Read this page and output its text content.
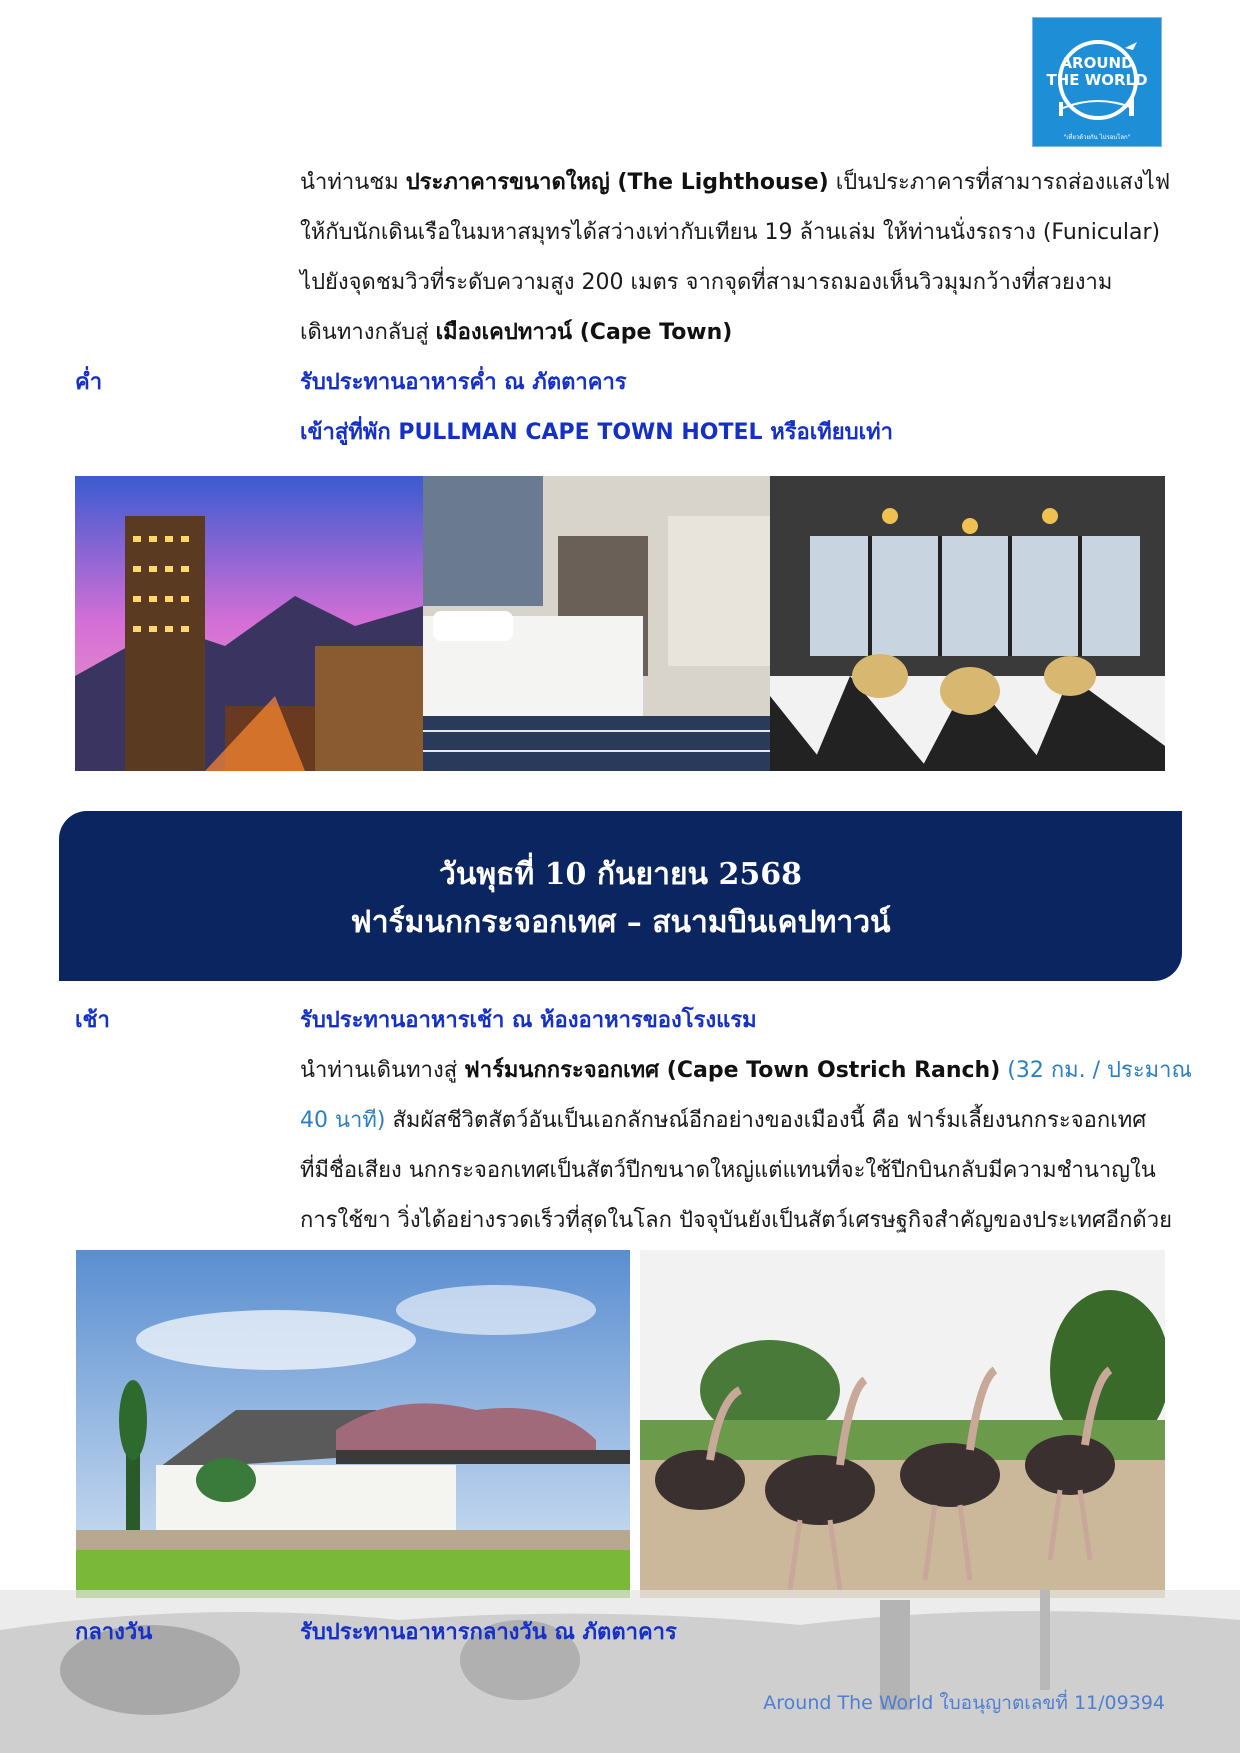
AROUND
THE WORLD
"เที่ยวด้วยกัน ไปรอบโลก"
นำท่านชม ประภาคารขนาดใหญ่ (The Lighthouse) เป็นประภาคารที่สามารถส่องแสงไฟ
ให้กับนักเดินเรือในมหาสมุทรได้สว่างเท่ากับเทียน 19 ล้านเล่ม ให้ท่านนั่งรถราง (Funicular)
ไปยังจุดชมวิวที่ระดับความสูง 200 เมตร จากจุดที่สามารถมองเห็นวิวมุมกว้างที่สวยงาม
เดินทางกลับสู่ เมืองเคปทาวน์ (Cape Town)
ค่ำ	รับประทานอาหารค่ำ ณ ภัตตาคาร
เข้าสู่ที่พัก PULLMAN CAPE TOWN HOTEL หรือเทียบเท่า
วันพุธที่ 10 กันยายน 2568
ฟาร์มนกกระจอกเทศ – สนามบินเคปทาวน์
เช้า	รับประทานอาหารเช้า ณ ห้องอาหารของโรงแรม
นำท่านเดินทางสู่ ฟาร์มนกกระจอกเทศ (Cape Town Ostrich Ranch) (32 กม. / ประมาณ
40 นาที) สัมผัสชีวิตสัตว์อันเป็นเอกลักษณ์อีกอย่างของเมืองนี้ คือ ฟาร์มเลี้ยงนกกระจอกเทศ
ที่มีชื่อเสียง นกกระจอกเทศเป็นสัตว์ปีกขนาดใหญ่แต่แทนที่จะใช้ปีกบินกลับมีความชำนาญใน
การใช้ขา วิ่งได้อย่างรวดเร็วที่สุดในโลก ปัจจุบันยังเป็นสัตว์เศรษฐกิจสำคัญของประเทศอีกด้วย
กลางวัน	รับประทานอาหารกลางวัน ณ ภัตตาคาร
Around The World ใบอนุญาตเลขที่ 11/09394
